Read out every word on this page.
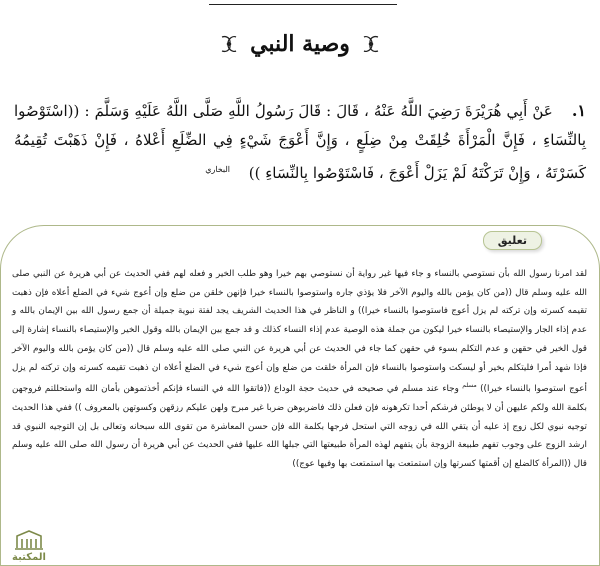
وصية النبي
١. عَنْ أَبِي هُرَيْرَةَ رَضِيَ اللَّهُ عَنْهُ ، قَالَ : قَالَ رَسُولُ اللَّهِ صَلَّى اللَّهُ عَلَيْهِ وَسَلَّمَ : ((اسْتَوْصُوا بِالنِّسَاءِ ، فَإِنَّ الْمَرْأَةَ خُلِقَتْ مِنْ ضِلَعٍ ، وَإِنَّ أَعْوَجَ شَيْءٍ فِي الضِّلَعِ أَعْلاهُ ، فَإِنْ ذَهَبْتَ تُقِيمُهُ كَسَرْتَهُ ، وَإِنْ تَرَكْتَهُ لَمْ يَزَلْ أَعْوَجَ ، فَاسْتَوْصُوا بِالنِّسَاءِ )) $^{البخاري}$
تعليق
لقد امرنا رسول الله بأن نستوصي بالنساء و جاء فيها غير رواية أن نستوصي بهم خيرا وهو طلب الخير و فعله لهم ففي الحديث عن أبي هريرة عن النبي صلى الله عليه وسلم قال ((من كان يؤمن بالله واليوم الآخر فلا يؤذي جاره واستوصوا بالنساء خيرا فإنهن خلقن من ضلع وإن أعوج شيء في الضلع أعلاه فإن ذهبت تقيمه كسرته وإن تركته لم يزل أعوج فاستوصوا بالنساء خيرا)) و الناظر في هذا الحديث الشريف يجد لفتة نبوية جميلة أن جمع رسول الله بين الإيمان بالله و عدم إذاء الجار والإستيصاء بالنساء خيرا ليكون من جملة هذه الوصية عدم إذاء النساء كذلك و قد جمع بين الإيمان بالله وقول الخير والإستيصاء بالنساء إشارة إلى قول الخير في حقهن و عدم التكلم بسوء في حقهن كما جاء في الحديث عن أبي هريرة عن النبي صلى الله عليه وسلم قال ((من كان يؤمن بالله واليوم الآخر فإذا شهد أمرا فليتكلم بخير أو ليسكت واستوصوا بالنساء فإن المرأة خلقت من ضلع وإن أعوج شيء في الضلع أعلاه ان ذهبت تقيمه كسرته وإن تركته لم يزل أعوج استوصوا بالنساء خيرا)) $^{مسلم}$ وجاء عند مسلم في صحيحه في حديث حجة الوداع ((فاتقوا الله في النساء فإنكم أخذتموهن بأمان الله واستحللتم فروجهن بكلمة الله ولكم عليهن أن لا يوطئن فرشكم أحدا تكرهونه فإن فعلن ذلك فاضربوهن ضربا غير مبرح ولهن عليكم رزقهن وكسوتهن بالمعروف )) ففي هذا الحديث توجيه نبوي لكل زوج إذ عليه أن يتقي الله في زوجه التي استحل فرجها بكلمة الله فإن حسن المعاشرة من تقوى الله سبحانه وتعالى بل إن التوجيه النبوي قد ارشد الزوج على وجوب تفهم طبيعة الزوجة بأن يتفهم لهذه المرأة طبيعتها التي جبلها الله عليها ففي الحديث عن أبي هريرة أن رسول الله صلى الله عليه وسلم قال ((المرأة كالضلع إن أقمتها كسرتها وإن استمتعت بها استمتعت بها وفيها عوج))
المكتبة
